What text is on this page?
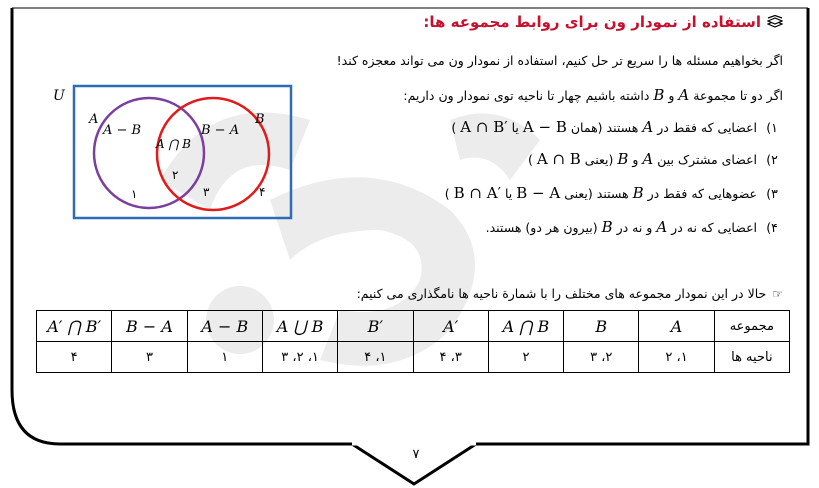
استفاده از نمودار ون برای روابط مجموعه ها:
اگر بخواهیم مسئله ها را سریع تر حل کنیم، استفاده از نمودار ون می تواند معجزه کند!
اگر دو تا مجموعة A و B داشته باشیم چهار تا ناحیه توی نمودار ون داریم:
۱) اعضایی که فقط در A هستند (همان A − B یا A ∩ B′ )
۲) اعضای مشترک بین A و B (یعنی A ∩ B )
۳) عضوهایی که فقط در B هستند (یعنی B − A یا B ∩ A′ )
۴) اعضایی که نه در A و نه در B (بیرون هر دو) هستند.
U
A	B
A − B	B − A
A ⋂ B
۲
۱	۳	۴
☞
حالا در این نمودار مجموعه های مختلف را با شمارة ناحیه ها نامگذاری می کنیم:
مجموعه	A	B	A ⋂ B	A′	B′	A ⋃ B	A − B	B − A	A′ ⋂ B′
ناحیه ها	۱، ۲	۲، ۳	۲	۳، ۴	۱، ۴	۱، ۲، ۳	۱	۳	۴
۷
